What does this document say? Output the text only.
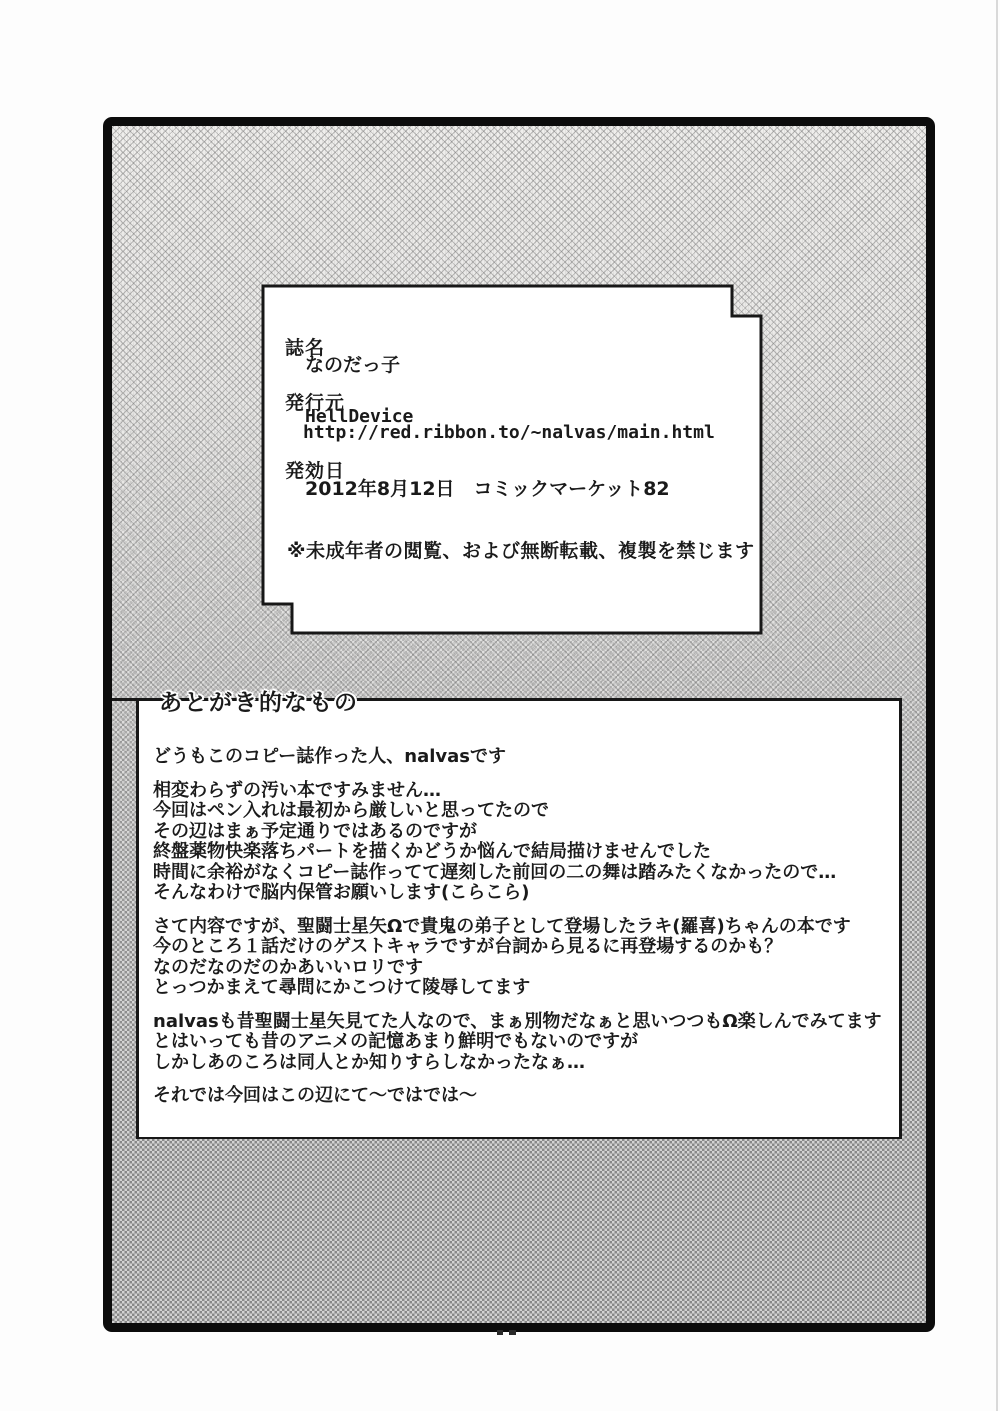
誌名
なのだっ子
発行元
HellDevice
http://red.ribbon.to/~nalvas/main.html
発効日
2012年8月12日　コミックマーケット82
※未成年者の閲覧、および無断転載、複製を禁じます
あとがき的なもの

どうもこのコピー誌作った人、nalvasです

相変わらずの汚い本ですみません…
今回はペン入れは最初から厳しいと思ってたので
その辺はまぁ予定通りではあるのですが
終盤薬物快楽落ちパートを描くかどうか悩んで結局描けませんでした
時間に余裕がなくコピー誌作ってて遅刻した前回の二の舞は踏みたくなかったので…
そんなわけで脳内保管お願いします(こらこら)

さて内容ですが、聖闘士星矢Ωで貴鬼の弟子として登場したラキ(羅喜)ちゃんの本です
今のところ１話だけのゲストキャラですが台詞から見るに再登場するのかも？
なのだなのだのかあいいロリです
とっつかまえて尋問にかこつけて陵辱してます

nalvasも昔聖闘士星矢見てた人なので、まぁ別物だなぁと思いつつもΩ楽しんでみてます
とはいっても昔のアニメの記憶あまり鮮明でもないのですが
しかしあのころは同人とか知りすらしなかったなぁ…

それでは今回はこの辺にて～ではでは～
